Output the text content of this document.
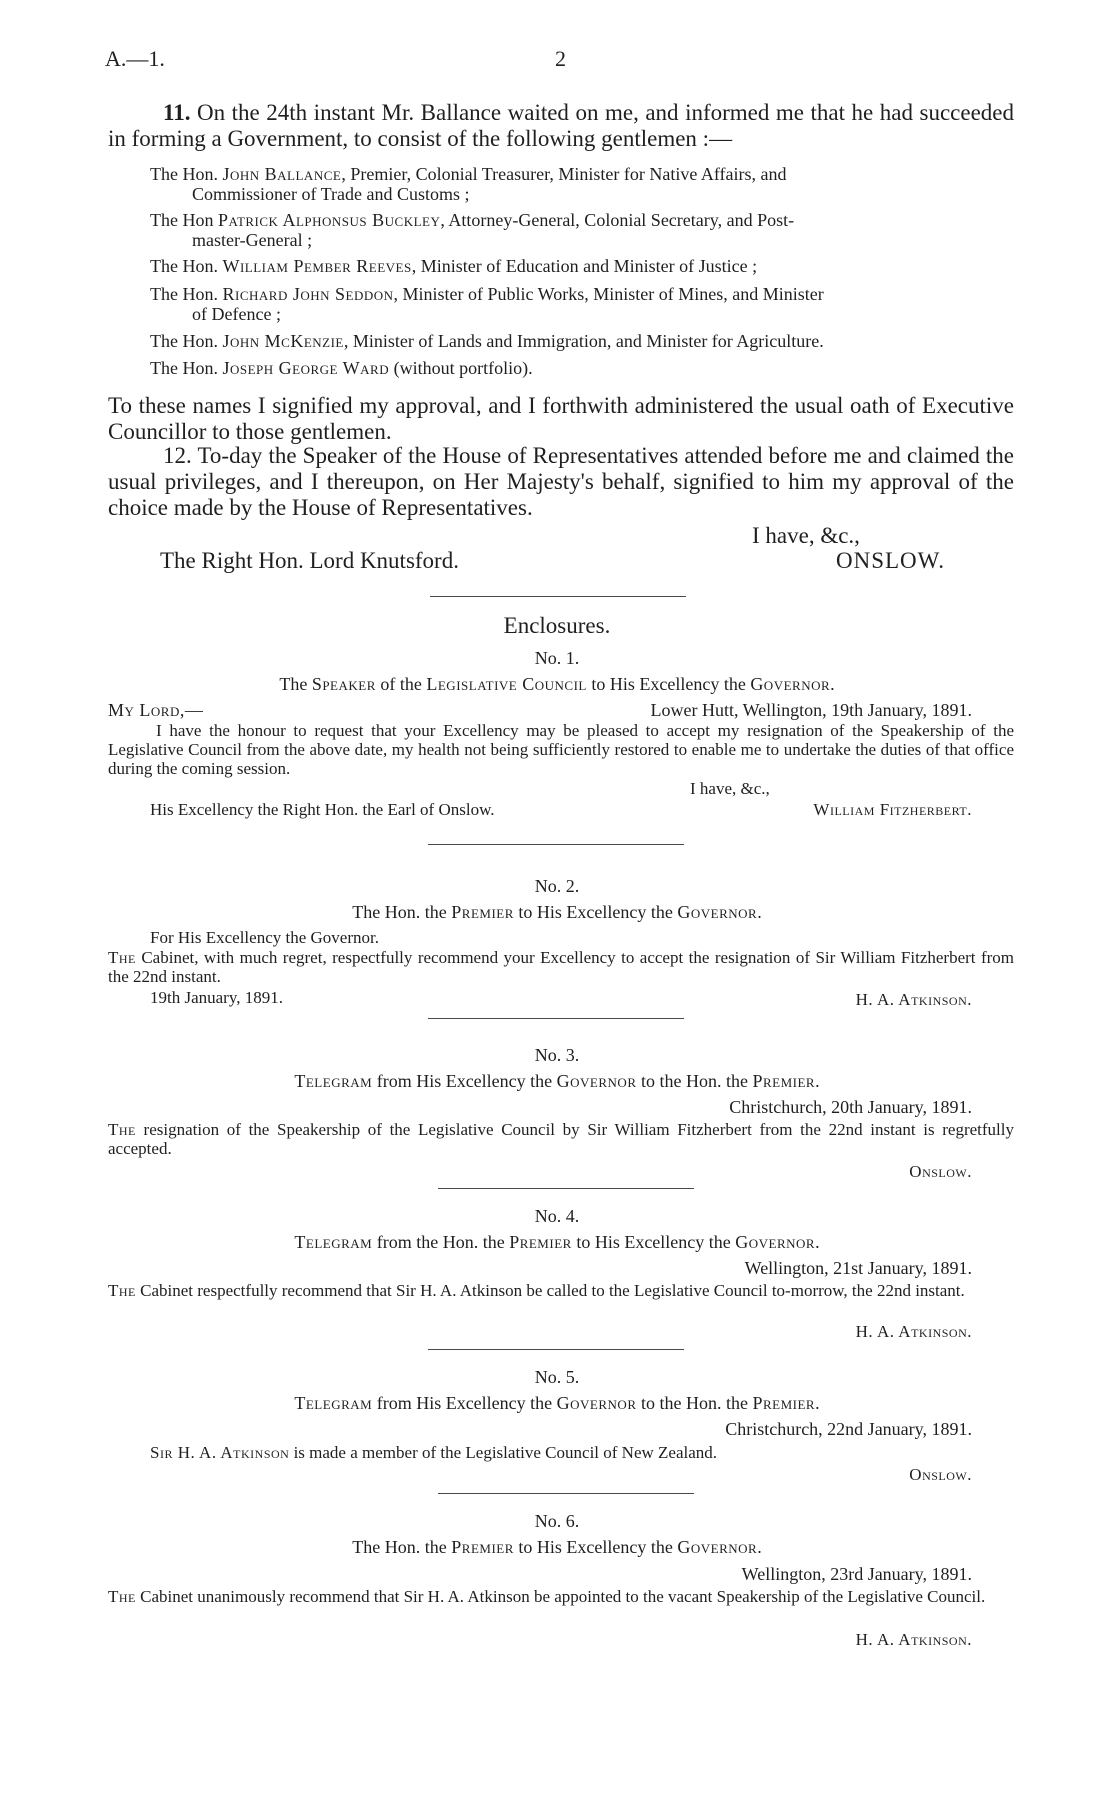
A.—1.	2
11. On the 24th instant Mr. Ballance waited on me, and informed me that he had succeeded in forming a Government, to consist of the following gentlemen :—
The Hon. John Ballance, Premier, Colonial Treasurer, Minister for Native Affairs, and
Commissioner of Trade and Customs ;
The Hon Patrick Alphonsus Buckley, Attorney-General, Colonial Secretary, and Post-
master-General ;
The Hon. William Pember Reeves, Minister of Education and Minister of Justice ;
The Hon. Richard John Seddon, Minister of Public Works, Minister of Mines, and Minister
of Defence ;
The Hon. John McKenzie, Minister of Lands and Immigration, and Minister for Agriculture.
The Hon. Joseph George Ward (without portfolio).
To these names I signified my approval, and I forthwith administered the usual oath of Executive Councillor to those gentlemen.
12. To-day the Speaker of the House of Representatives attended before me and claimed the usual privileges, and I thereupon, on Her Majesty's behalf, signified to him my approval of the choice made by the House of Representatives.
I have, &c.,
The Right Hon. Lord Knutsford.	ONSLOW.
Enclosures.
No. 1.
The Speaker of the Legislative Council to His Excellency the Governor.
My Lord,—	Lower Hutt, Wellington, 19th January, 1891.
I have the honour to request that your Excellency may be pleased to accept my resignation of the Speakership of the Legislative Council from the above date, my health not being sufficiently restored to enable me to undertake the duties of that office during the coming session.
I have, &c.,
His Excellency the Right Hon. the Earl of Onslow.	William Fitzherbert.
No. 2.
The Hon. the Premier to His Excellency the Governor.
For His Excellency the Governor.
The Cabinet, with much regret, respectfully recommend your Excellency to accept the resignation of Sir William Fitzherbert from the 22nd instant.
19th January, 1891.	H. A. Atkinson.
No. 3.
Telegram from His Excellency the Governor to the Hon. the Premier.
Christchurch, 20th January, 1891.
The resignation of the Speakership of the Legislative Council by Sir William Fitzherbert from the 22nd instant is regretfully accepted.
Onslow.
No. 4.
Telegram from the Hon. the Premier to His Excellency the Governor.
Wellington, 21st January, 1891.
The Cabinet respectfully recommend that Sir H. A. Atkinson be called to the Legislative Council to-morrow, the 22nd instant.
H. A. Atkinson.
No. 5.
Telegram from His Excellency the Governor to the Hon. the Premier.
Christchurch, 22nd January, 1891.
Sir H. A. Atkinson is made a member of the Legislative Council of New Zealand.
Onslow.
No. 6.
The Hon. the Premier to His Excellency the Governor.
Wellington, 23rd January, 1891.
The Cabinet unanimously recommend that Sir H. A. Atkinson be appointed to the vacant Speakership of the Legislative Council.
H. A. Atkinson.
